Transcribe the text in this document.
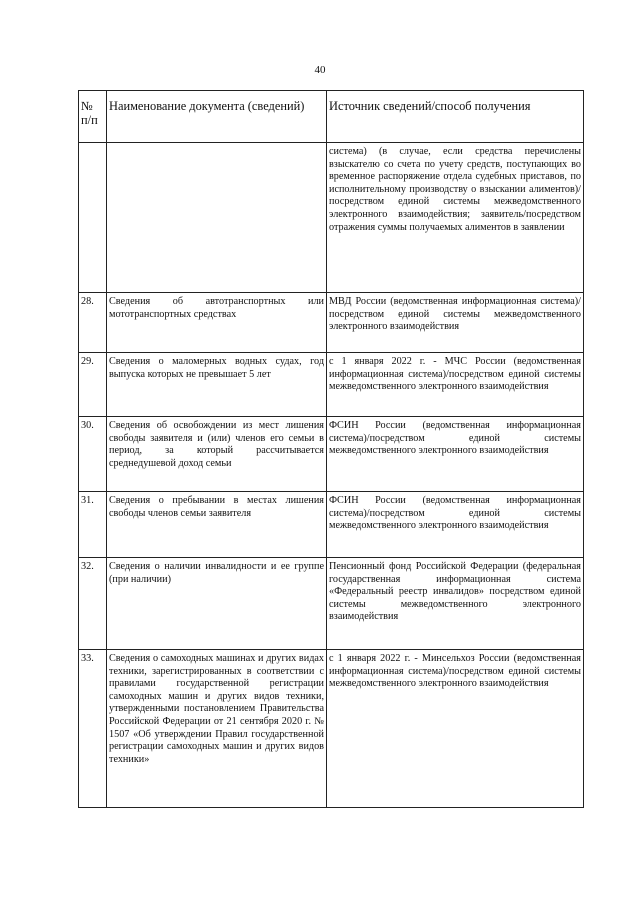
40
№ п/п	Наименование документа (сведений)	Источник сведений/способ получения
		система) (в случае, если средства перечислены взыскателю со счета по учету средств, поступающих во временное распоряжение отдела судебных приставов, по исполнительному производству о взыскании алиментов)/посредством единой системы межведомственного электронного взаимодействия; заявитель/посредством отражения суммы получаемых алиментов в заявлении
28.	Сведения об автотранспортных или мототранспортных средствах	МВД России (ведомственная информационная система)/посредством единой системы межведомственного электронного взаимодействия
29.	Сведения о маломерных водных судах, год выпуска которых не превышает 5 лет	с 1 января 2022 г. - МЧС России (ведомственная информационная система)/посредством единой системы межведомственного электронного взаимодействия
30.	Сведения об освобождении из мест лишения свободы заявителя и (или) членов его семьи в период, за который рассчитывается среднедушевой доход семьи	ФСИН России (ведомственная информационная система)/посредством единой системы межведомственного электронного взаимодействия
31.	Сведения о пребывании в местах лишения свободы членов семьи заявителя	ФСИН России (ведомственная информационная система)/посредством единой системы межведомственного электронного взаимодействия
32.	Сведения о наличии инвалидности и ее группе (при наличии)	Пенсионный фонд Российской Федерации (федеральная государственная информационная система «Федеральный реестр инвалидов» посредством единой системы межведомственного электронного взаимодействия
33.	Сведения о самоходных машинах и других видах техники, зарегистрированных в соответствии с правилами государственной регистрации самоходных машин и других видов техники, утвержденными постановлением Правительства Российской Федерации от 21 сентября 2020 г. № 1507 «Об утверждении Правил государственной регистрации самоходных машин и других видов техники»	с 1 января 2022 г. - Минсельхоз России (ведомственная информационная система)/посредством единой системы межведомственного электронного взаимодействия
